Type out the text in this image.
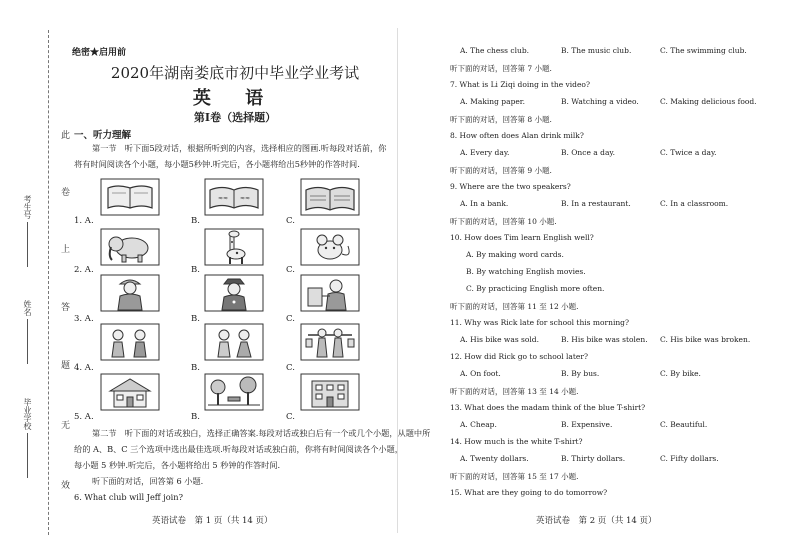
此
卷
上
答
题
无
效
考生号
姓名
毕业学校
绝密★启用前
2020年湖南娄底市初中毕业学业考试
英 语
第Ⅰ卷（选择题）
一、听力理解
第一节　听下面5段对话，根据所听到的内容，选择相应的图画.听每段对话前，你
将有时间阅读各个小题，每小题5秒钟.听完后，各小题将给出5秒钟的作答时间.
1. A.	B.	C.
≈≈ ≈≈
2. A.	B.	C.
3. A.	B.	C.
4. A.	B.	C.
5. A.	B.	C.
第二节　听下面的对话或独白，选择正确答案.每段对话或独白后有一个或几个小题，从题中所
给的 A、B、C 三个选项中选出最佳选项.听每段对话或独白前，你将有时间阅读各个小题，
每小题 5 秒钟.听完后，各小题将给出 5 秒钟的作答时间.
听下面的对话，回答第 6 小题.
6. What club will Jeff join?
A. The chess club.	B. The music club.	C. The swimming club.
听下面的对话，回答第 7 小题.
7. What is Li Ziqi doing in the video?
A. Making paper.	B. Watching a video.	C. Making delicious food.
听下面的对话，回答第 8 小题.
8. How often does Alan drink milk?
A. Every day.	B. Once a day.	C. Twice a day.
听下面的对话，回答第 9 小题.
9. Where are the two speakers?
A. In a bank.	B. In a restaurant.	C. In a classroom.
听下面的对话，回答第 10 小题.
10. How does Tim learn English well?
A. By making word cards.
B. By watching English movies.
C. By practicing English more often.
听下面的对话，回答第 11 至 12 小题.
11. Why was Rick late for school this morning?
A. His bike was sold.	B. His bike was stolen. C. His bike was broken.
12. How did Rick go to school later?
A. On foot.	B. By bus.	C. By bike.
听下面的对话，回答第 13 至 14 小题.
13. What does the madam think of the blue T-shirt?
A. Cheap.	B. Expensive.	C. Beautiful.
14. How much is the white T-shirt?
A. Twenty dollars.	B. Thirty dollars.	C. Fifty dollars.
听下面的对话，回答第 15 至 17 小题.
15. What are they going to do tomorrow?
英语试卷　第 1 页（共 14 页）	英语试卷　第 2 页（共 14 页）
